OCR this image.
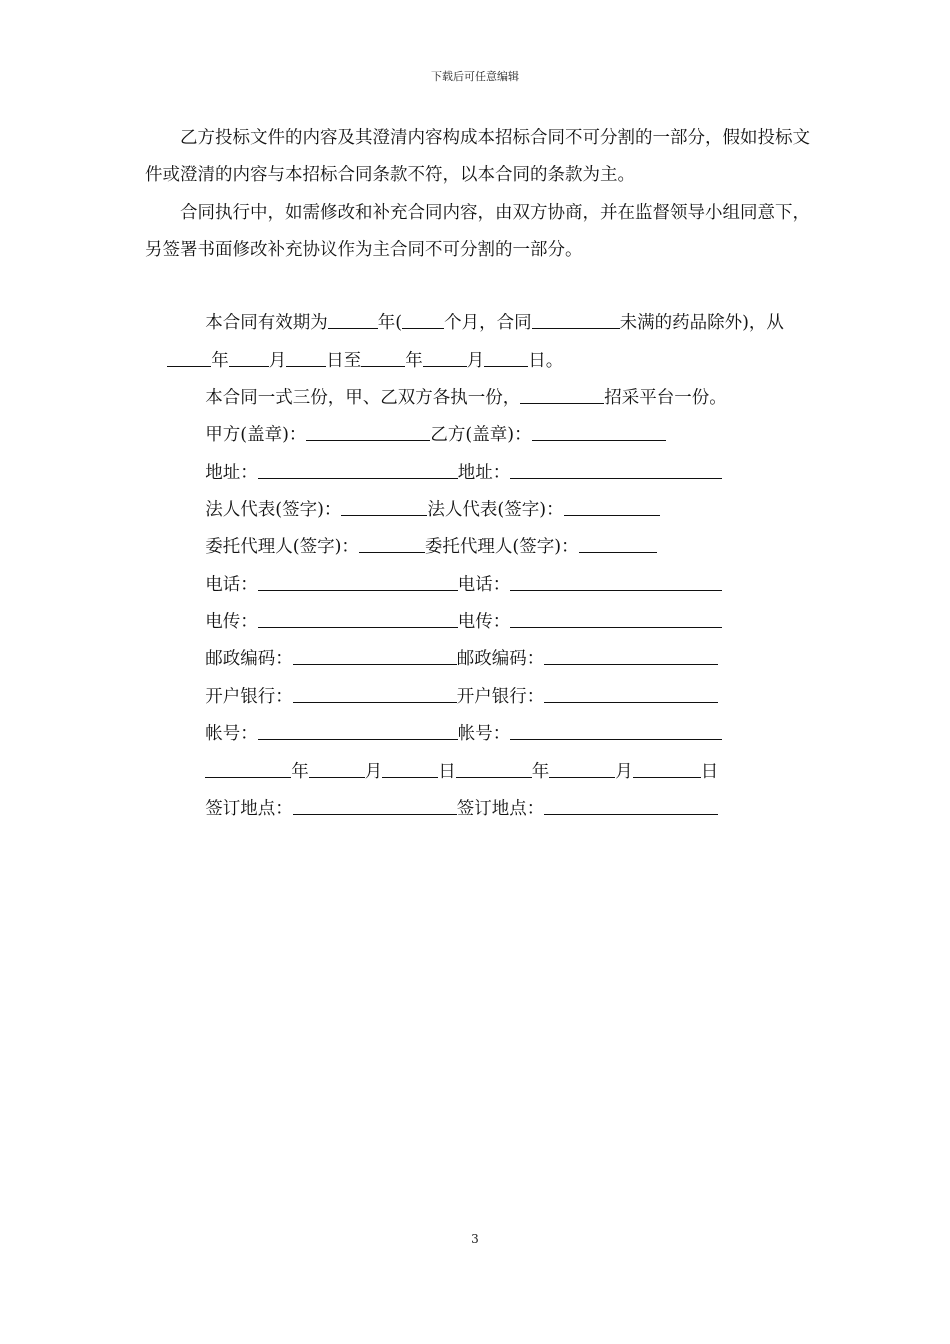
下载后可任意编辑
　　乙方投标文件的内容及其澄清内容构成本招标合同不可分割的一部分，假如投标文件或澄清的内容与本招标合同条款不符，以本合同的条款为主。
　　合同执行中，如需修改和补充合同内容，由双方协商，并在监督领导小组同意下，另签署书面修改补充协议作为主合同不可分割的一部分。

本合同有效期为	年( 个月，合同	未满的药品除外)，从

年 月 日至	年	月	日。

本合同一式三份，甲、乙双方各执一份，	招采平台一份。

甲方(盖章)：	乙方(盖章)：

地址：	地址：

法人代表(签字)：	法人代表(签字)：

委托代理人(签字)：	委托代理人(签字)：

电话：	电话：

电传：	电传：

邮政编码：	邮政编码：

开户银行：	开户银行：

帐号：	帐号：

年	月	日	年	月	日

签订地点：	签订地点：

3
